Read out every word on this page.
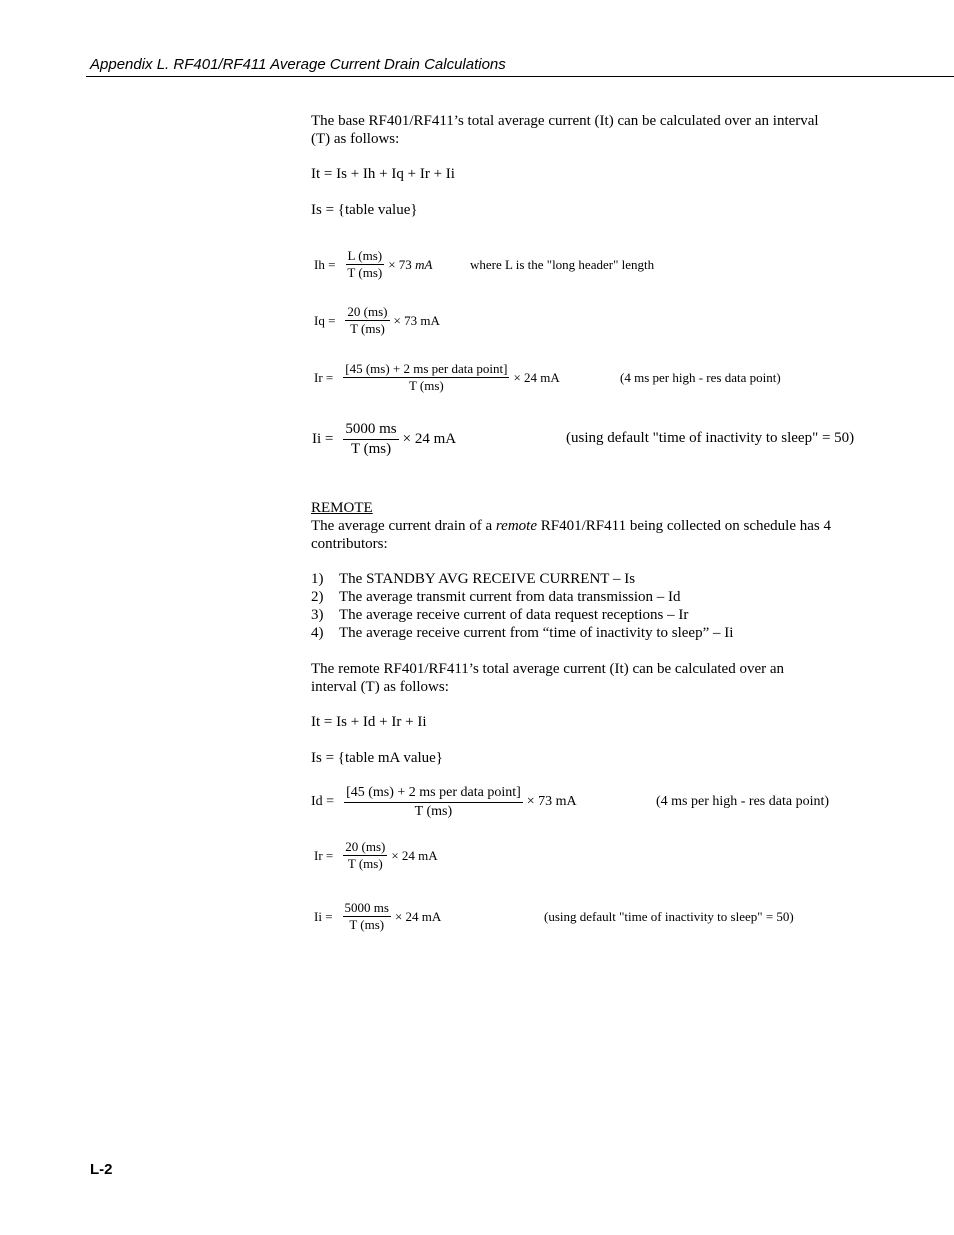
Appendix L. RF401/RF411 Average Current Drain Calculations
The base RF401/RF411’s total average current (It) can be calculated over an interval (T) as follows:
It = Is + Ih + Iq + Ir + Ii
Is = {table value}
$Ih = \frac{L (ms)}{T (ms)} \times 73$
mA	where L is the "long header" length
$Iq = \frac{20 (ms)}{T (ms)} \times 73$ mA
$Ir = \frac{\text{[45 (ms) + 2 ms per data point]}}{T (ms)} \times 24$ mA	(4 ms per high - res data point)
$Ii = \frac{5000 ms}{T (ms)} \times 24$ mA	(using default "time of inactivity to sleep" = 50)
REMOTE
The average current drain of a remote RF401/RF411 being collected on schedule has 4 contributors:
1)	The STANDBY AVG RECEIVE CURRENT – Is
2)	The average transmit current from data transmission – Id
3)	The average receive current of data request receptions – Ir
4)	The average receive current from “time of inactivity to sleep” – Ii
The remote RF401/RF411’s total average current (It) can be calculated over an interval (T) as follows:
It = Is + Id + Ir + Ii
Is = {table mA value}
$Id = \frac{\text{[45 (ms) + 2 ms per data point]}}{T (ms)} \times 73$ mA	(4 ms per high - res data point)
$Ir = \frac{20 (ms)}{T (ms)} \times 24$ mA
$Ii = \frac{5000 ms}{T (ms)} \times 24$ mA	(using default "time of inactivity to sleep" = 50)
L-2
